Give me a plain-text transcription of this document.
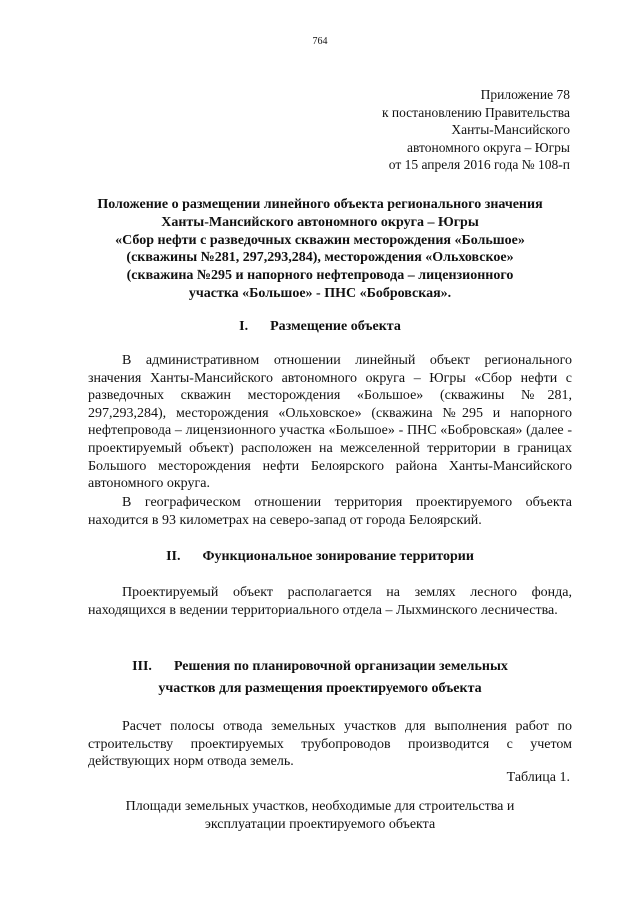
764
Приложение 78
к постановлению Правительства
Ханты-Мансийского
автономного округа – Югры
от 15 апреля 2016 года № 108-п
Положение о размещении линейного объекта регионального значения
Ханты-Мансийского автономного округа – Югры
«Сбор нефти с разведочных скважин месторождения «Большое»
(скважины №281, 297,293,284), месторождения «Ольховское»
(скважина №295 и напорного нефтепровода – лицензионного
участка «Большое» - ПНС «Бобровская».
I. Размещение объекта

В административном отношении линейный объект регионального значения Ханты-Мансийского автономного округа – Югры «Сбор нефти с разведочных скважин месторождения «Большое» (скважины №281, 297,293,284), месторождения «Ольховское» (скважина №295 и напорного нефтепровода – лицензионного участка «Большое» - ПНС «Бобровская» (далее - проектируемый объект) расположен на межселенной территории в границах Большого месторождения нефти Белоярского района Ханты-Мансийского автономного округа.

В географическом отношении территория проектируемого объекта находится в 93 километрах на северо-запад от города Белоярский.

II. Функциональное зонирование территории

Проектируемый объект располагается на землях лесного фонда, находящихся в ведении территориального отдела – Лыхминского лесничества.

III. Решения по планировочной организации земельных
участков для размещения проектируемого объекта

Расчет полосы отвода земельных участков для выполнения работ по строительству проектируемых трубопроводов производится с учетом действующих норм отвода земель.

Таблица 1.
Площади земельных участков, необходимые для строительства и
эксплуатации проектируемого объекта
